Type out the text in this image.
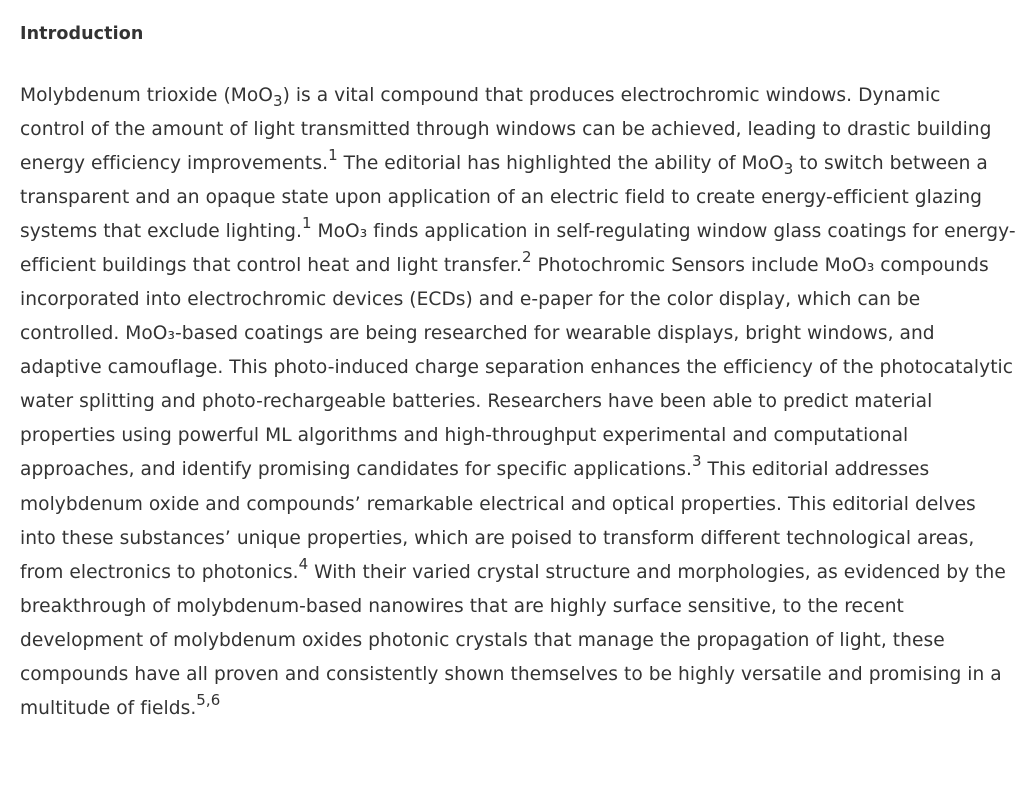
Introduction

Molybdenum trioxide (MoO$_3$) is a vital compound that produces electrochromic windows. Dynamic
control of the amount of light transmitted through windows can be achieved, leading to drastic building
energy efficiency improvements.$^1$ The editorial has highlighted the ability of MoO$_3$ to switch between a
transparent and an opaque state upon application of an electric field to create energy-efficient glazing
systems that exclude lighting.$^1$ MoO₃ finds application in self-regulating window glass coatings for energy-
efficient buildings that control heat and light transfer.$^2$ Photochromic Sensors include MoO₃ compounds
incorporated into electrochromic devices (ECDs) and e-paper for the color display, which can be
controlled. MoO₃-based coatings are being researched for wearable displays, bright windows, and
adaptive camouflage. This photo-induced charge separation enhances the efficiency of the photocatalytic
water splitting and photo-rechargeable batteries. Researchers have been able to predict material
properties using powerful ML algorithms and high-throughput experimental and computational
approaches, and identify promising candidates for specific applications.$^3$ This editorial addresses
molybdenum oxide and compounds’ remarkable electrical and optical properties. This editorial delves
into these substances’ unique properties, which are poised to transform different technological areas,
from electronics to photonics.$^4$ With their varied crystal structure and morphologies, as evidenced by the
breakthrough of molybdenum-based nanowires that are highly surface sensitive, to the recent
development of molybdenum oxides photonic crystals that manage the propagation of light, these
compounds have all proven and consistently shown themselves to be highly versatile and promising in a
multitude of fields.$^{5,6}$
